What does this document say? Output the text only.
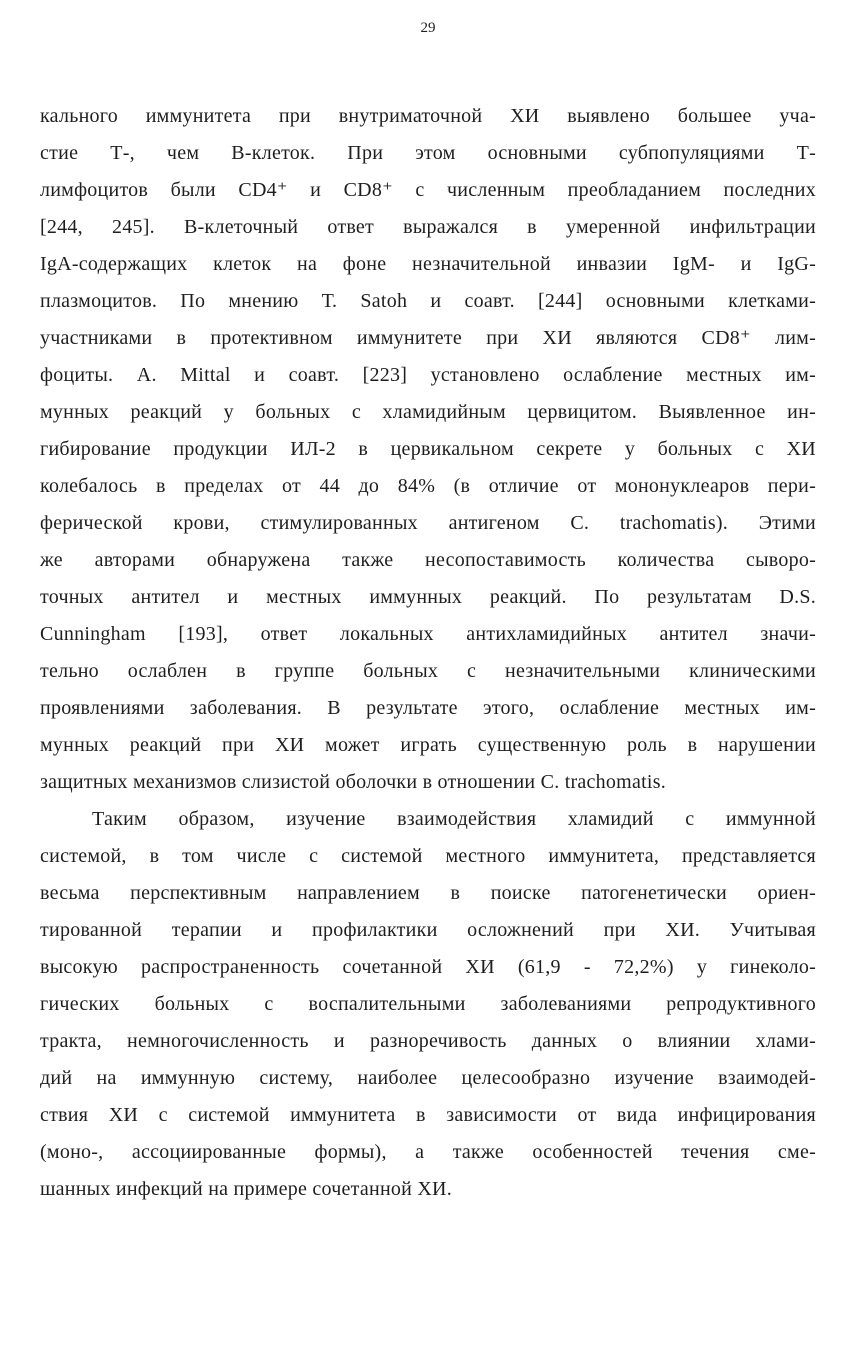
29
кального иммунитета при внутриматочной ХИ выявлено большее уча-
стие Т-, чем В-клеток. При этом основными субпопуляциями Т-
лимфоцитов были CD4⁺ и CD8⁺ с численным преобладанием последних
[244, 245]. В-клеточный ответ выражался в умеренной инфильтрации
IgA-содержащих клеток на фоне незначительной инвазии IgM- и IgG-
плазмоцитов. По мнению Т. Satoh и соавт. [244] основными клетками-
участниками в протективном иммунитете при ХИ являются CD8⁺ лим-
фоциты. A. Mittal и соавт. [223] установлено ослабление местных им-
мунных реакций у больных с хламидийным цервицитом. Выявленное ин-
гибирование продукции ИЛ-2 в цервикальном секрете у больных с ХИ
колебалось в пределах от 44 до 84% (в отличие от мононуклеаров пери-
ферической крови, стимулированных антигеном C. trachomatis). Этими
же авторами обнаружена также несопоставимость количества сыворо-
точных антител и местных иммунных реакций. По результатам D.S.
Cunningham [193], ответ локальных антихламидийных антител значи-
тельно ослаблен в группе больных с незначительными клиническими
проявлениями заболевания. В результате этого, ослабление местных им-
мунных реакций при ХИ может играть существенную роль в нарушении
защитных механизмов слизистой оболочки в отношении C. trachomatis.
Таким образом, изучение взаимодействия хламидий с иммунной
системой, в том числе с системой местного иммунитета, представляется
весьма перспективным направлением в поиске патогенетически ориен-
тированной терапии и профилактики осложнений при ХИ. Учитывая
высокую распространенность сочетанной ХИ (61,9 - 72,2%) у гинеколо-
гических больных с воспалительными заболеваниями репродуктивного
тракта, немногочисленность и разноречивость данных о влиянии хлами-
дий на иммунную систему, наиболее целесообразно изучение взаимодей-
ствия ХИ с системой иммунитета в зависимости от вида инфицирования
(моно-, ассоциированные формы), а также особенностей течения сме-
шанных инфекций на примере сочетанной ХИ.
